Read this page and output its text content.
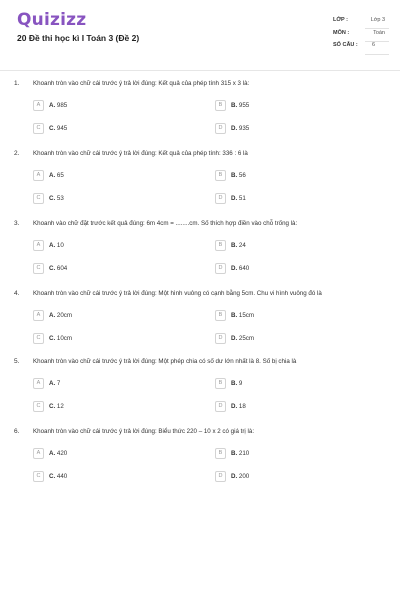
Quizizz
20 Đề thi học kì I Toán 3 (Đề 2)
LỚP :	Lớp 3
MÔN :	Toán
SỐ CÂU :	6
1. Khoanh tròn vào chữ cái trước ý trả lời đúng: Kết quả của phép tính 315 x 3 là:
A	A. 985	B	B. 955
C	C. 945	D	D. 935
2. Khoanh tròn vào chữ cái trước ý trả lời đúng: Kết quả của phép tính: 336 : 6 là
A	A. 65	B	B. 56
C	C. 53	D	D. 51
3. Khoanh vào chữ đặt trước kết quả đúng: 6m 4cm = ........cm. Số thích hợp điền vào chỗ trống là:
A	A. 10	B	B. 24
C	C. 604	D	D. 640
4. Khoanh tròn vào chữ cái trước ý trả lời đúng: Một hình vuông có cạnh bằng 5cm. Chu vi hình vuông đó là
A	A. 20cm	B	B. 15cm
C	C. 10cm	D	D. 25cm
5. Khoanh tròn vào chữ cái trước ý trả lời đúng: Một phép chia có số dư lớn nhất là 8. Số bị chia là
A	A. 7	B	B. 9
C	C. 12	D	D. 18
6. Khoanh tròn vào chữ cái trước ý trả lời đúng: Biểu thức 220 – 10 x 2 có giá trị là:
A	A. 420	B	B. 210
C	C. 440	D	D. 200
